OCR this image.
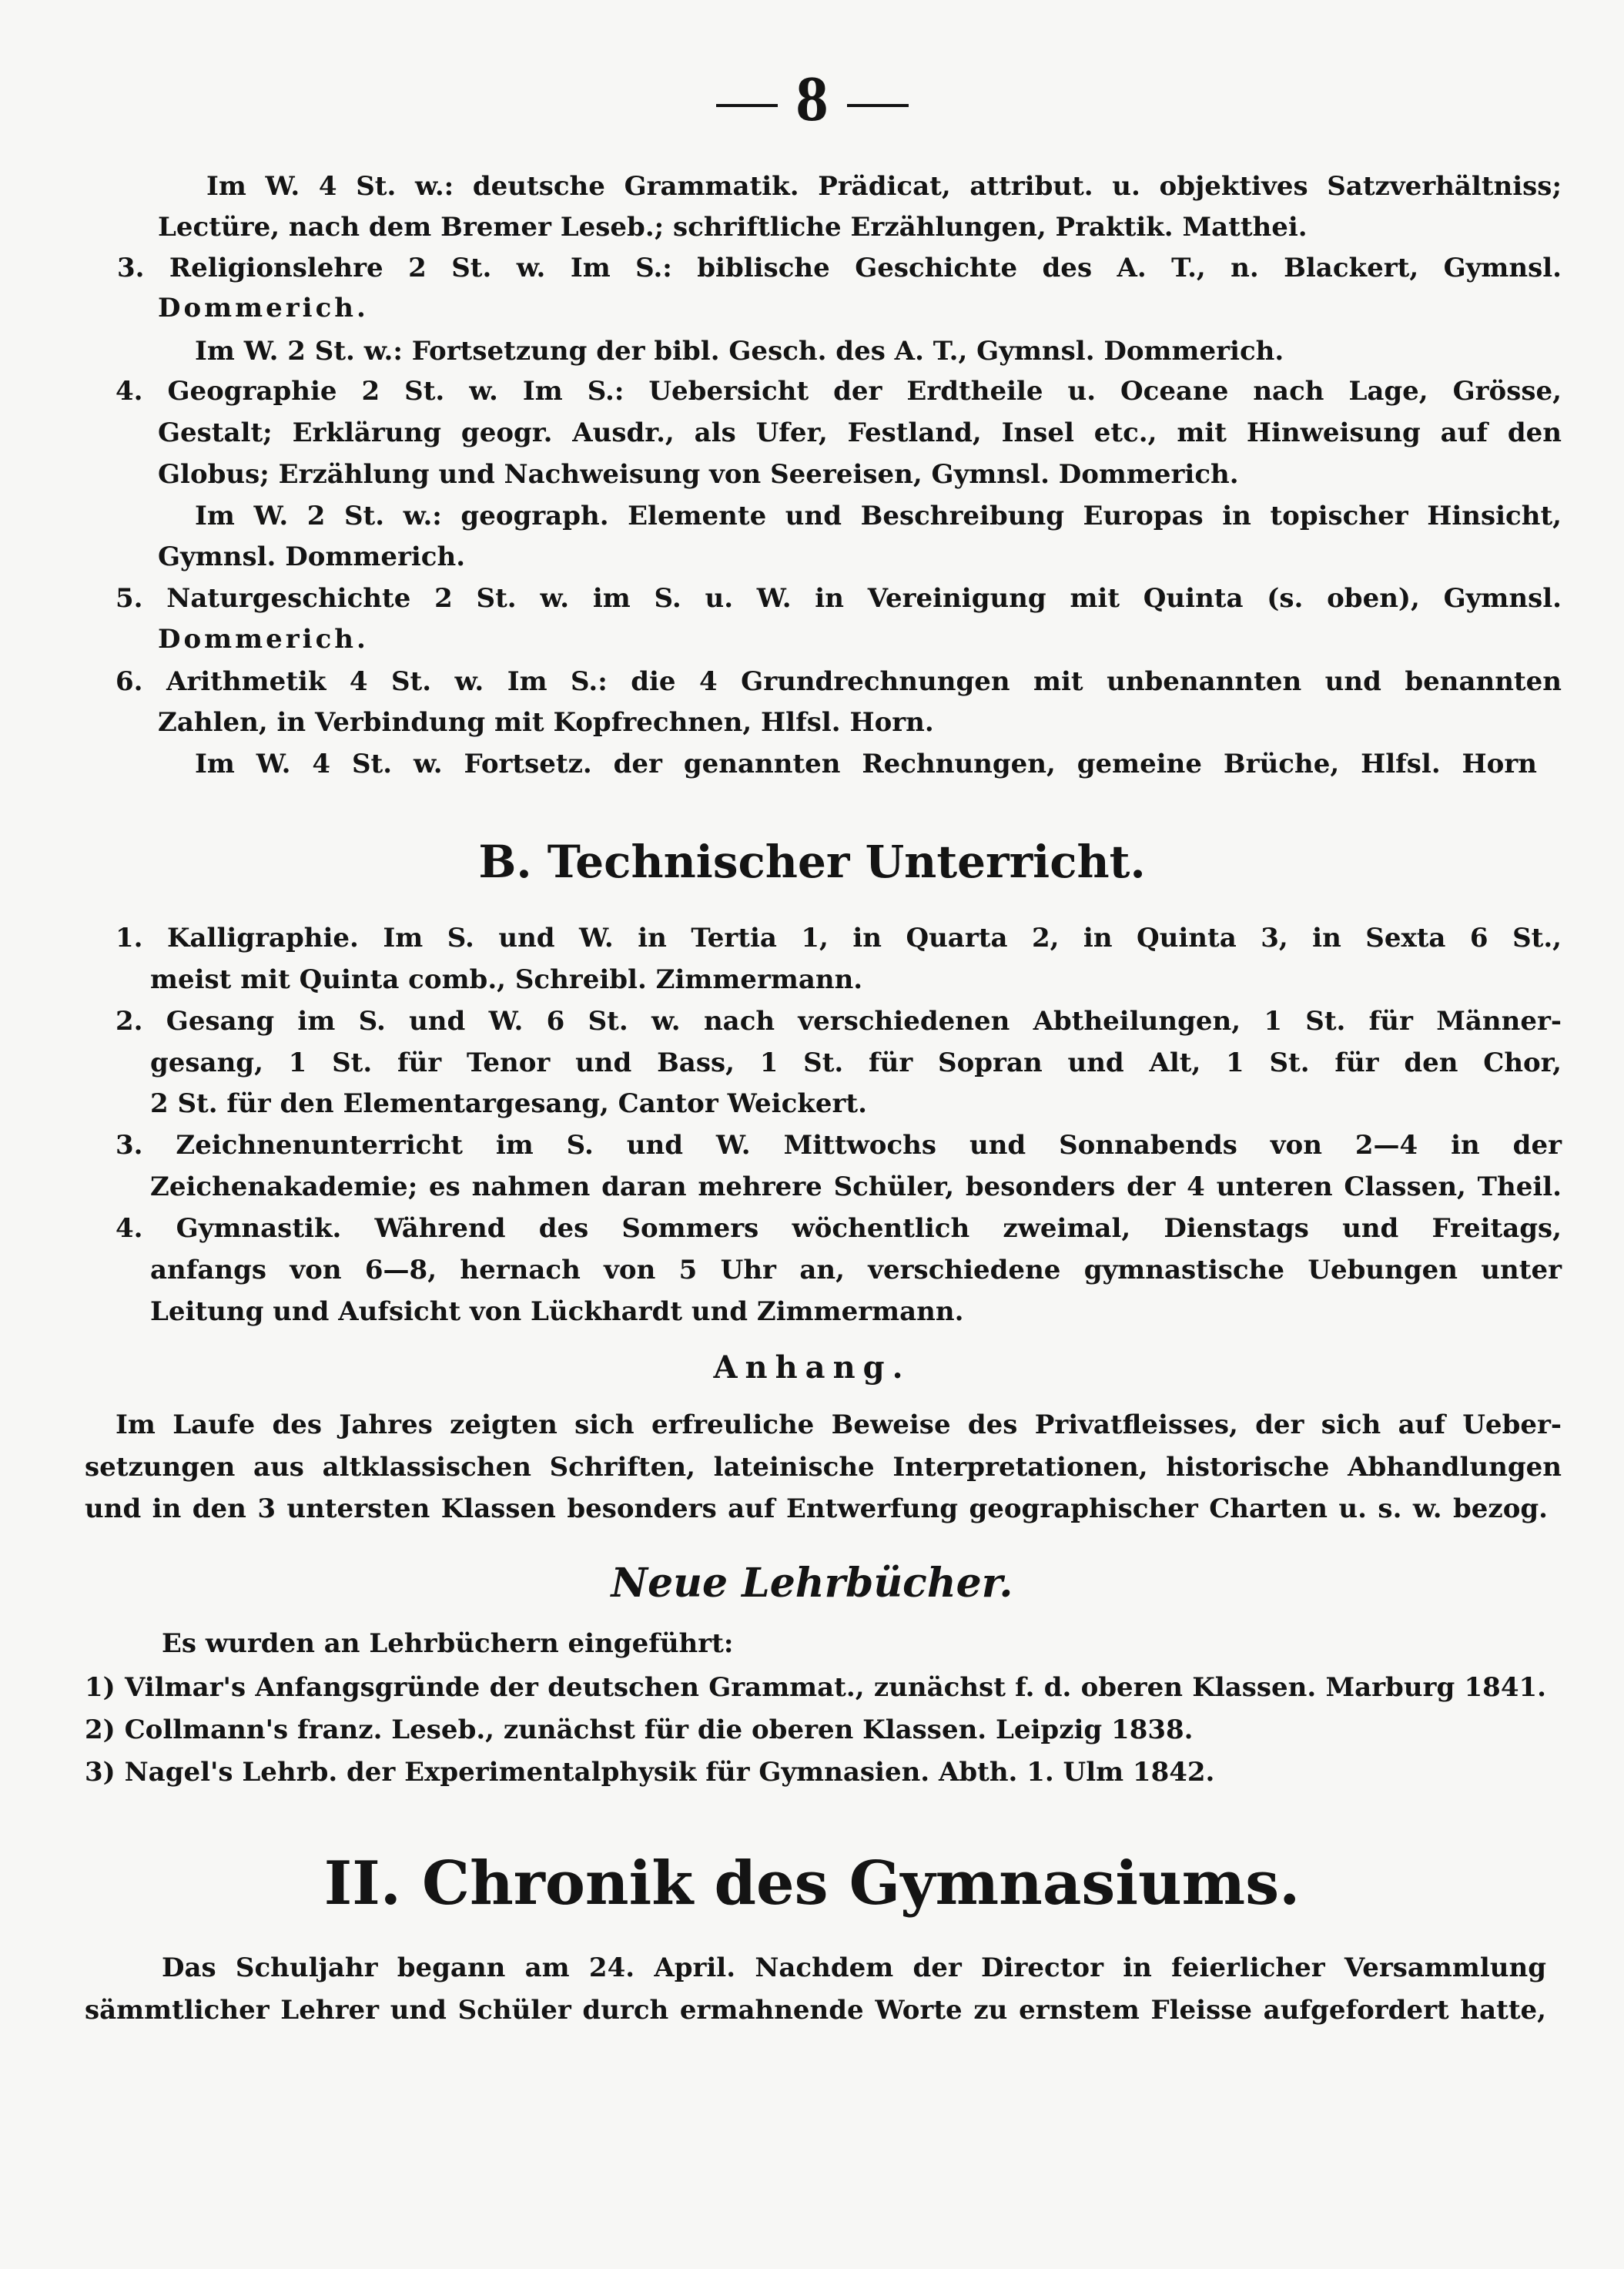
8
Im W. 4 St. w.: deutsche Grammatik. Prädicat, attribut. u. objektives Satzverhältniss;
Lectüre, nach dem Bremer Leseb.; schriftliche Erzählungen, Praktik. Matthei.
3. Religionslehre 2 St. w. Im S.: biblische Geschichte des A. T., n. Blackert, Gymnsl.
Dommerich.
Im W. 2 St. w.: Fortsetzung der bibl. Gesch. des A. T., Gymnsl. Dommerich.
4. Geographie 2 St. w. Im S.: Uebersicht der Erdtheile u. Oceane nach Lage, Grösse,
Gestalt; Erklärung geogr. Ausdr., als Ufer, Festland, Insel etc., mit Hinweisung auf den
Globus; Erzählung und Nachweisung von Seereisen, Gymnsl. Dommerich.
Im W. 2 St. w.: geograph. Elemente und Beschreibung Europas in topischer Hinsicht,
Gymnsl. Dommerich.
5. Naturgeschichte 2 St. w. im S. u. W. in Vereinigung mit Quinta (s. oben), Gymnsl.
Dommerich.
6. Arithmetik 4 St. w. Im S.: die 4 Grundrechnungen mit unbenannten und benannten
Zahlen, in Verbindung mit Kopfrechnen, Hlfsl. Horn.
Im W. 4 St. w. Fortsetz. der genannten Rechnungen, gemeine Brüche, Hlfsl. Horn
B. Technischer Unterricht.
1. Kalligraphie. Im S. und W. in Tertia 1, in Quarta 2, in Quinta 3, in Sexta 6 St.,
meist mit Quinta comb., Schreibl. Zimmermann.
2. Gesang im S. und W. 6 St. w. nach verschiedenen Abtheilungen, 1 St. für Männer-
gesang, 1 St. für Tenor und Bass, 1 St. für Sopran und Alt, 1 St. für den Chor,
2 St. für den Elementargesang, Cantor Weickert.
3. Zeichnenunterricht im S. und W. Mittwochs und Sonnabends von 2—4 in der
Zeichenakademie; es nahmen daran mehrere Schüler, besonders der 4 unteren Classen, Theil.
4. Gymnastik. Während des Sommers wöchentlich zweimal, Dienstags und Freitags,
anfangs von 6—8, hernach von 5 Uhr an, verschiedene gymnastische Uebungen unter
Leitung und Aufsicht von Lückhardt und Zimmermann.
Anhang.
Im Laufe des Jahres zeigten sich erfreuliche Beweise des Privatfleisses, der sich auf Ueber-
setzungen aus altklassischen Schriften, lateinische Interpretationen, historische Abhandlungen
und in den 3 untersten Klassen besonders auf Entwerfung geographischer Charten u. s. w. bezog.
Neue Lehrbücher.
Es wurden an Lehrbüchern eingeführt:
1) Vilmar's Anfangsgründe der deutschen Grammat., zunächst f. d. oberen Klassen. Marburg 1841.
2) Collmann's franz. Leseb., zunächst für die oberen Klassen. Leipzig 1838.
3) Nagel's Lehrb. der Experimentalphysik für Gymnasien. Abth. 1. Ulm 1842.
II. Chronik des Gymnasiums.
Das Schuljahr begann am 24. April. Nachdem der Director in feierlicher Versammlung
sämmtlicher Lehrer und Schüler durch ermahnende Worte zu ernstem Fleisse aufgefordert hatte,
